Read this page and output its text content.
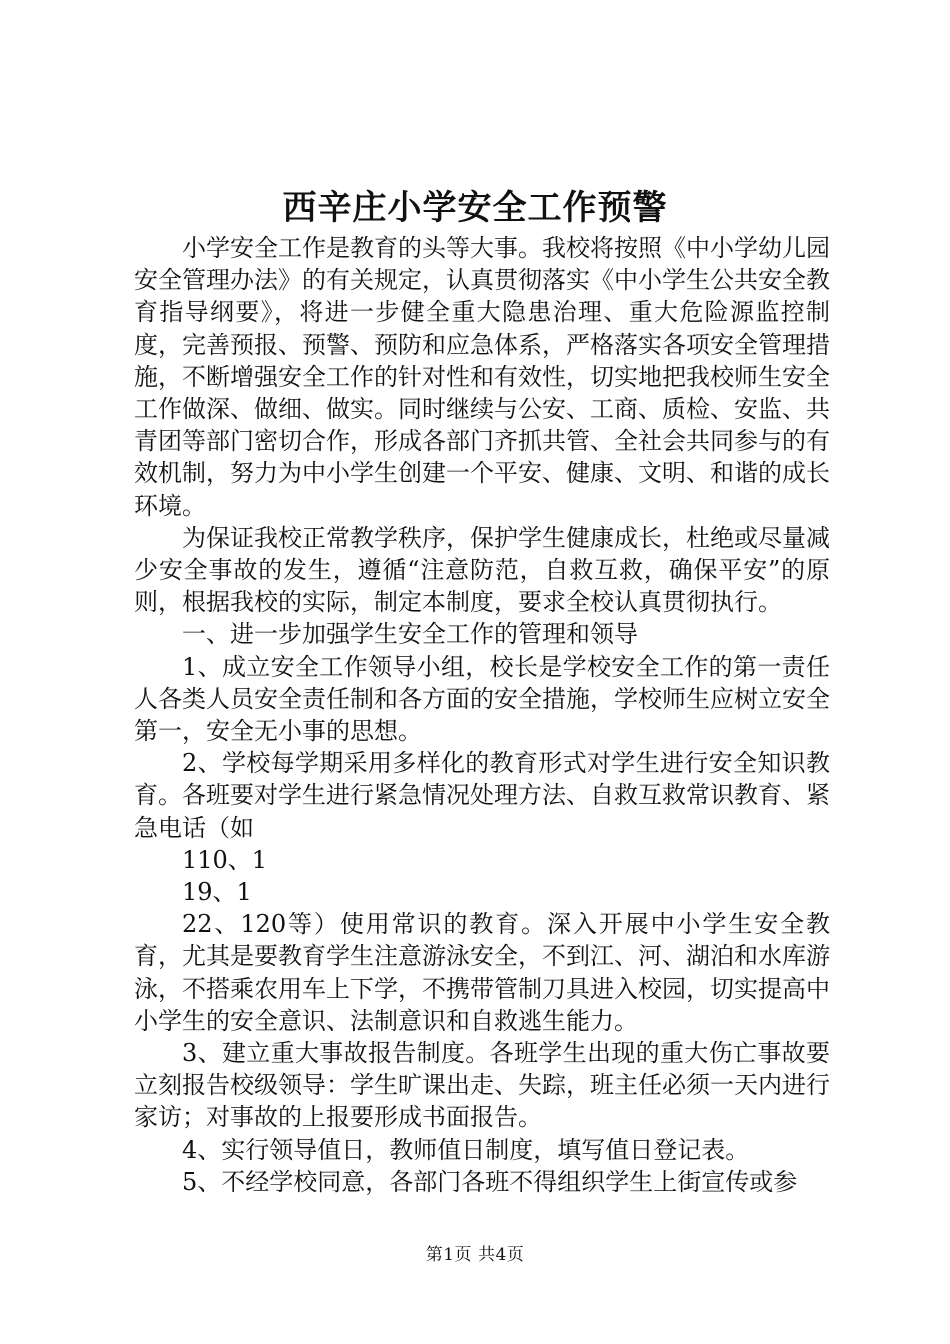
西辛庄小学安全工作预警

小学安全工作是教育的头等大事。我校将按照《中小学幼儿园安全管理办法》的有关规定，认真贯彻落实《中小学生公共安全教育指导纲要》，将进一步健全重大隐患治理、重大危险源监控制度，完善预报、预警、预防和应急体系，严格落实各项安全管理措施，不断增强安全工作的针对性和有效性，切实地把我校师生安全工作做深、做细、做实。同时继续与公安、工商、质检、安监、共青团等部门密切合作，形成各部门齐抓共管、全社会共同参与的有效机制，努力为中小学生创建一个平安、健康、文明、和谐的成长环境。

为保证我校正常教学秩序，保护学生健康成长，杜绝或尽量减少安全事故的发生，遵循“注意防范，自救互救，确保平安”的原则，根据我校的实际，制定本制度，要求全校认真贯彻执行。

一、进一步加强学生安全工作的管理和领导

1、成立安全工作领导小组，校长是学校安全工作的第一责任人各类人员安全责任制和各方面的安全措施，学校师生应树立安全第一，安全无小事的思想。

2、学校每学期采用多样化的教育形式对学生进行安全知识教育。各班要对学生进行紧急情况处理方法、自救互救常识教育、紧急电话（如

110、1

19、1

22、120等）使用常识的教育。深入开展中小学生安全教育，尤其是要教育学生注意游泳安全，不到江、河、湖泊和水库游泳，不搭乘农用车上下学，不携带管制刀具进入校园，切实提高中小学生的安全意识、法制意识和自救逃生能力。

3、建立重大事故报告制度。各班学生出现的重大伤亡事故要立刻报告校级领导：学生旷课出走、失踪，班主任必须一天内进行家访；对事故的上报要形成书面报告。

4、实行领导值日，教师值日制度，填写值日登记表。

5、不经学校同意，各部门各班不得组织学生上街宣传或参

第1页 共4页
